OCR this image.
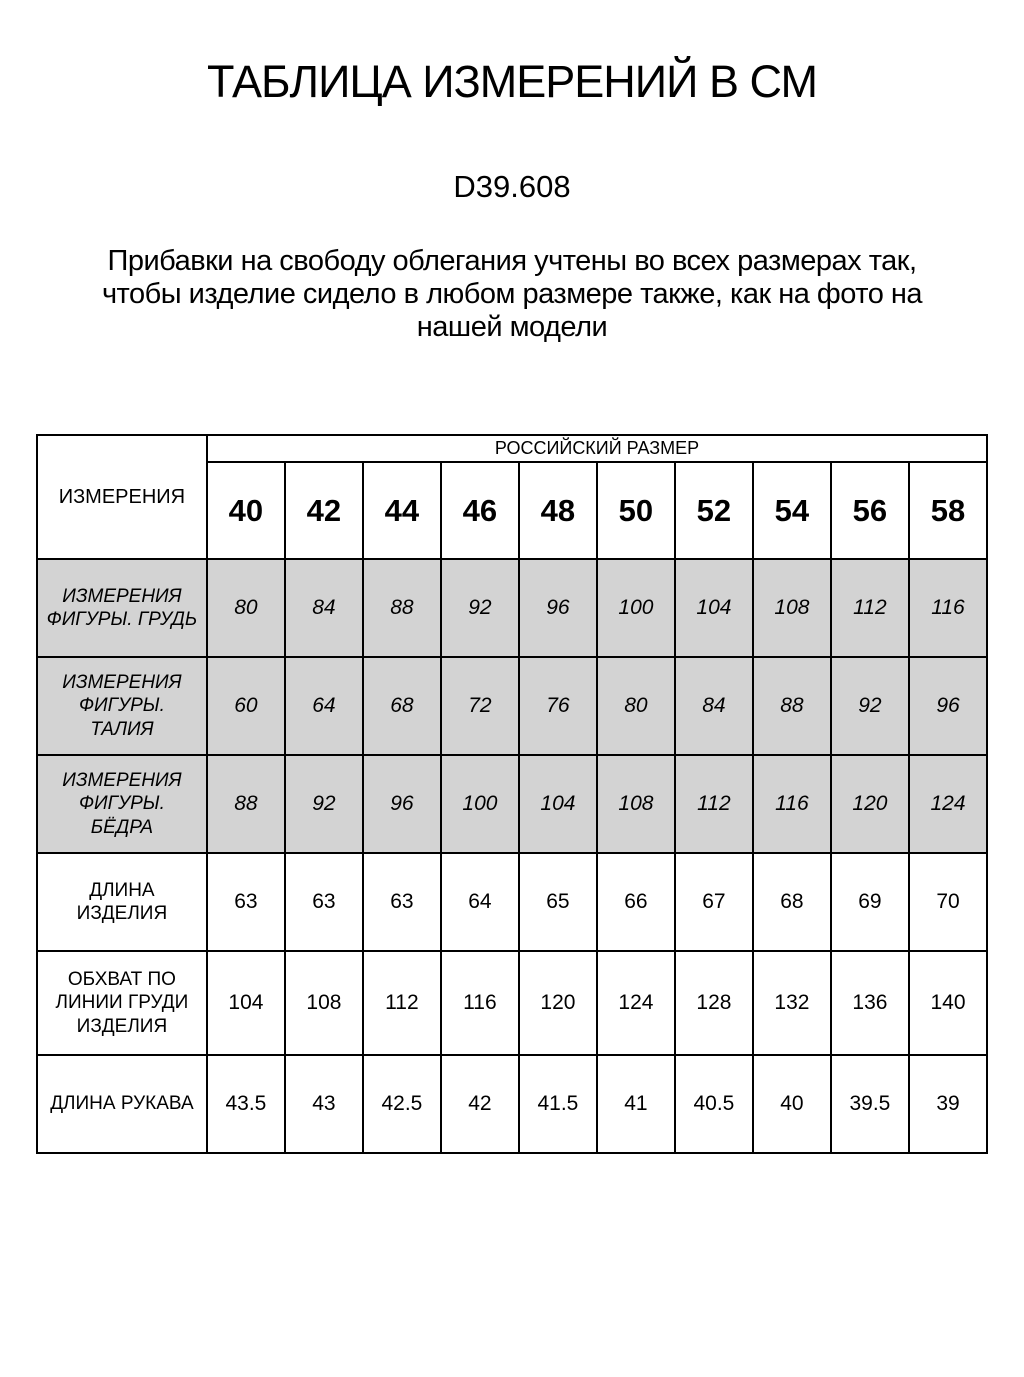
ТАБЛИЦА ИЗМЕРЕНИЙ В СМ
D39.608
Прибавки на свободу облегания учтены во всех размерах так,
чтобы изделие сидело в любом размере также, как на фото на
нашей модели
ИЗМЕРЕНИЯ	РОССИЙСКИЙ РАЗМЕР									
	40	42	44	46	48	50	52	54	56	58
ИЗМЕРЕНИЯ ФИГУРЫ. ГРУДЬ	80	84	88	92	96	100	104	108	112	116
ИЗМЕРЕНИЯ ФИГУРЫ. ТАЛИЯ	60	64	68	72	76	80	84	88	92	96
ИЗМЕРЕНИЯ ФИГУРЫ. БЁДРА	88	92	96	100	104	108	112	116	120	124
ДЛИНА ИЗДЕЛИЯ	63	63	63	64	65	66	67	68	69	70
ОБХВАТ ПО ЛИНИИ ГРУДИ ИЗДЕЛИЯ	104	108	112	116	120	124	128	132	136	140
ДЛИНА РУКАВА	43.5	43	42.5	42	41.5	41	40.5	40	39.5	39
